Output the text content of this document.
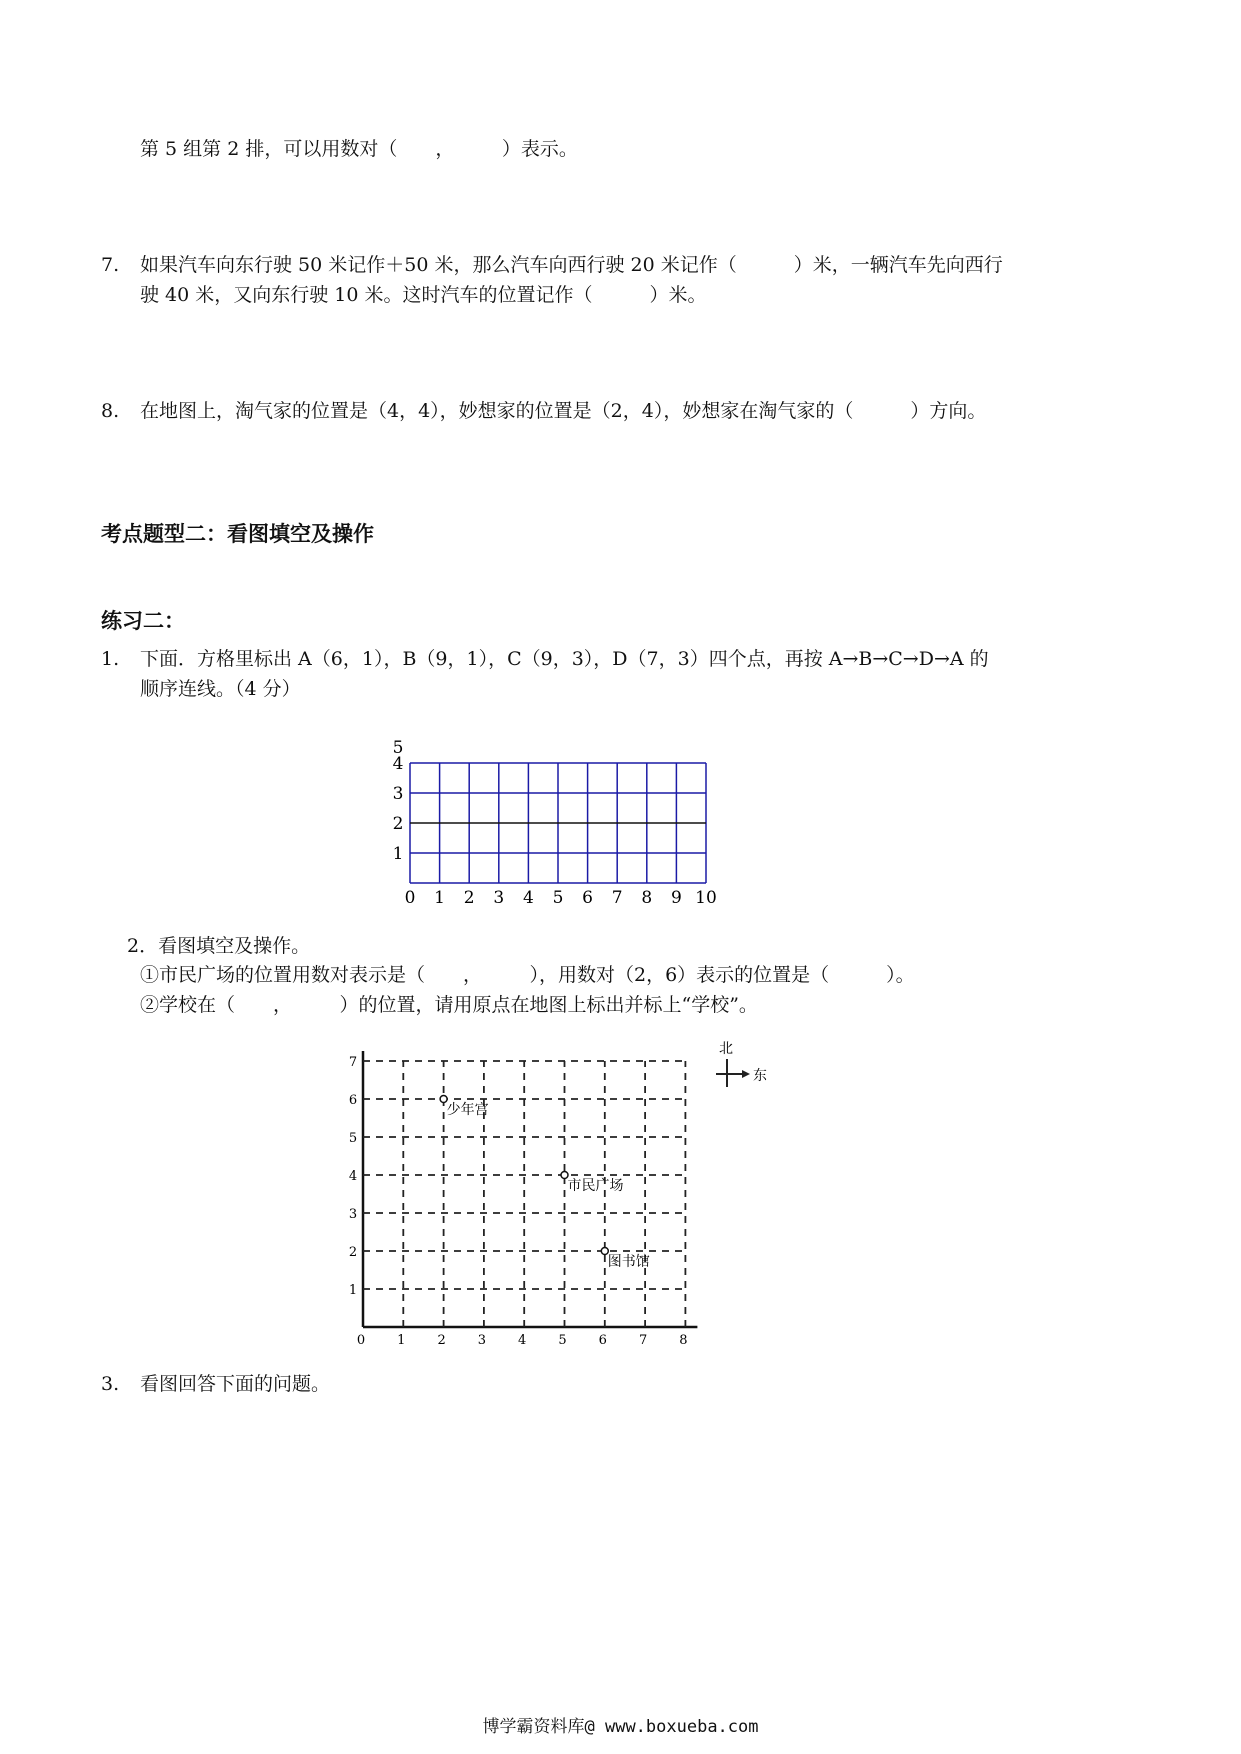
第 5 组第 2 排，可以用数对（　　，　　　）表示。
7. 如果汽车向东行驶 50 米记作＋50 米，那么汽车向西行驶 20 米记作（　　　）米，一辆汽车先向西行
驶 40 米，又向东行驶 10 米。这时汽车的位置记作（　　　）米。
8. 在地图上，淘气家的位置是（4，4），妙想家的位置是（2，4），妙想家在淘气家的（　　　）方向。
考点题型二：看图填空及操作
练习二：
1. 下面．方格里标出 A（6，1），B（9，1），C（9，3），D（7，3）四个点，再按 A→B→C→D→A 的
顺序连线。（4 分）
0 1 2 3 4 5 6 7 8 9 10
1
2
3
4
5
2．看图填空及操作。
①市民广场的位置用数对表示是（　　，　　　），用数对（2，6）表示的位置是（　　　）。
②学校在（　　，　　　）的位置，请用原点在地图上标出并标上“学校”。
0 1 2 3 4 5 6 7 8
1
2
3
4
5
6
7
少年宫
市民广场
图书馆
北
东
3. 看图回答下面的问题。
博学霸资料库@ www.boxueba.com
